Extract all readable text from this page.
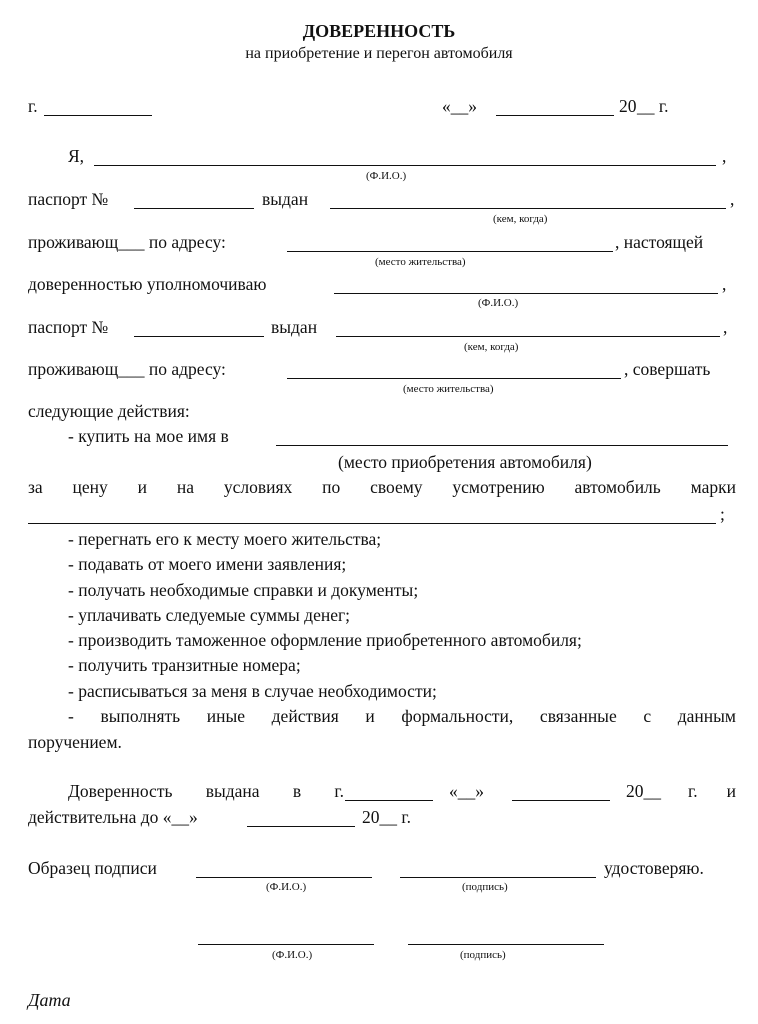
ДОВЕРЕННОСТЬ
на приобретение и перегон автомобиля
г.	«__»	20 __ г.
Я,	,
(Ф.И.О.)
паспорт №	выдан	,
(кем, когда)
проживающ___ по адресу:	, настоящей
(место жительства)
доверенностью уполномочиваю	,
(Ф.И.О.)
паспорт №	выдан	,
(кем, когда)
проживающ___ по адресу:	, совершать
(место жительства)
следующие действия:
- купить на мое имя в
(место приобретения автомобиля)
за цену и на условиях по своему усмотрению автомобиль марки
;
- перегнать его к месту моего жительства;
- подавать от моего имени заявления;
- получать необходимые справки и документы;
- уплачивать следуемые суммы денег;
- производить таможенное оформление приобретенного автомобиля;
- получить транзитные номера;
- расписываться за меня в случае необходимости;
- выполнять иные действия и формальности, связанные с данным
поручением.
Доверенность выдана в г.	«__»	20__ г. и
действительна до «__»	20__ г.
Образец подписи	удостоверяю.
(Ф.И.О.)	(подпись)
(Ф.И.О.)	(подпись)
Дата
